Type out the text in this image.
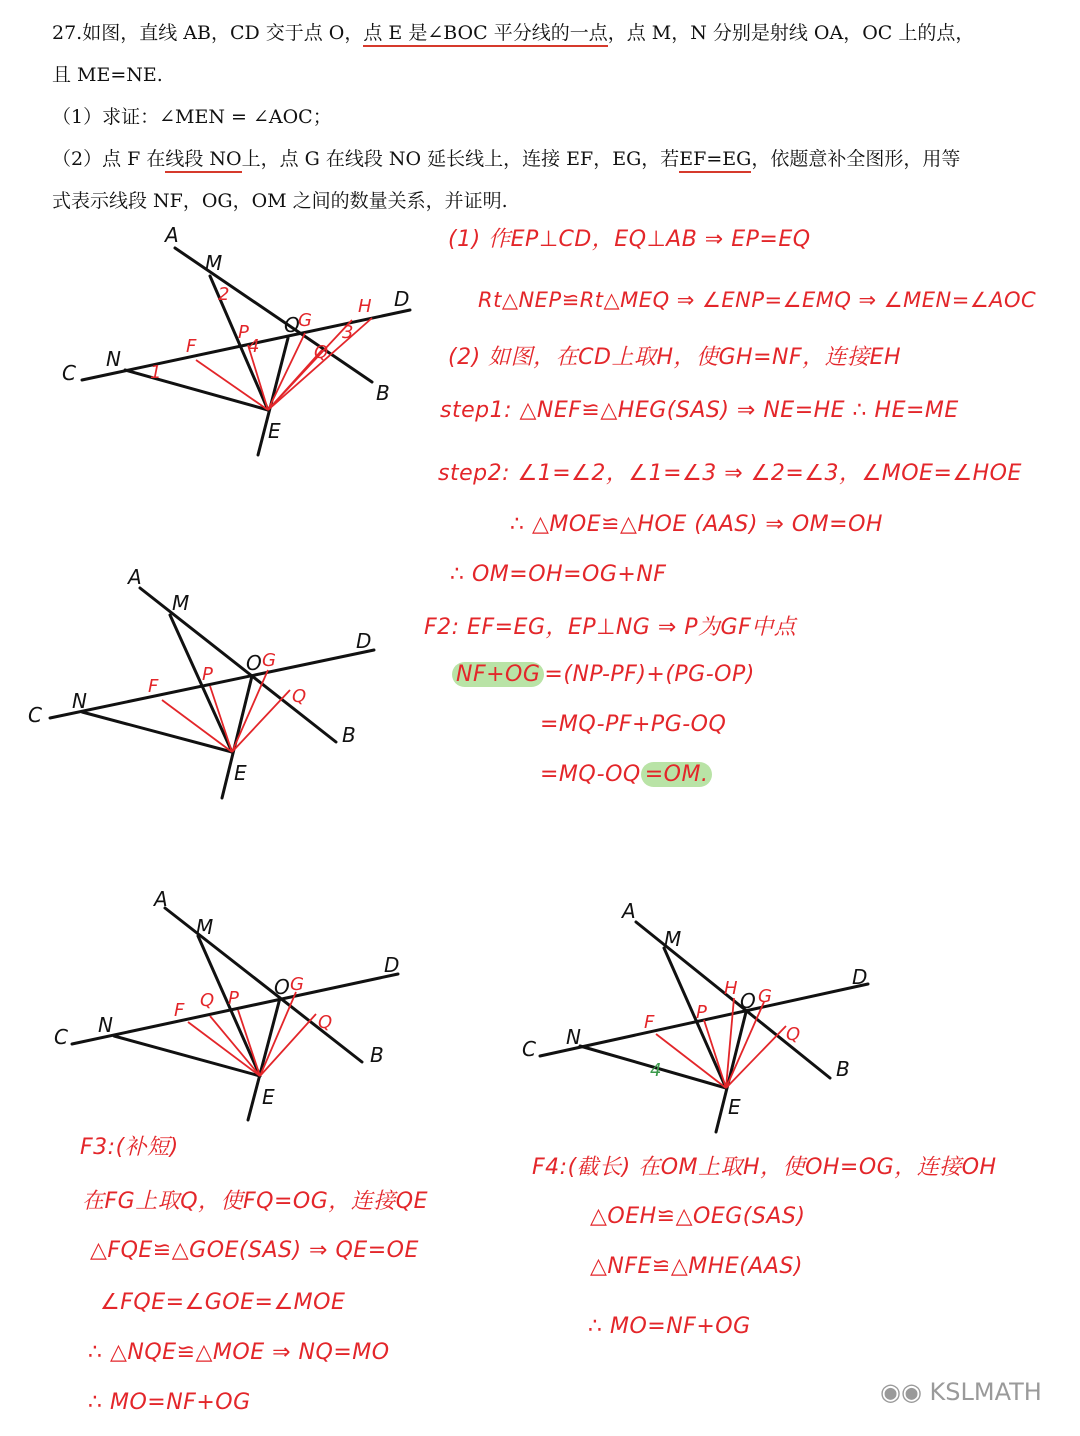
27.如图，直线 AB，CD 交于点 O，点 E 是∠BOC 平分线的一点，点 M，N 分别是射线 OA，OC 上的点，
且 ME=NE.
（1）求证：∠MEN = ∠AOC；
（2）点 F 在线段 NO上，点 G 在线段 NO 延长线上，连接 EF，EG，若EF=EG，依题意补全图形，用等
式表示线段 NF，OG，OM 之间的数量关系，并证明.
(1) 作EP⊥CD，EQ⊥AB ⇒ EP=EQ
Rt△NEP≌Rt△MEQ ⇒ ∠ENP=∠EMQ ⇒ ∠MEN=∠AOC
(2) 如图，在CD上取H，使GH=NF，连接EH
step1: △NEF≌△HEG(SAS) ⇒ NE=HE ∴ HE=ME
step2: ∠1=∠2，∠1=∠3 ⇒ ∠2=∠3，∠MOE=∠HOE
∴ △MOE≌△HOE (AAS) ⇒ OM=OH
∴ OM=OH=OG+NF
F2: EF=EG，EP⊥NG ⇒ P为GF中点
NF+OG =(NP-PF)+(PG-OP)
=MQ-PF+PG-OQ
=MQ-OQ =OM.
F3:(补短)
在FG上取Q，使FQ=OG，连接QE
△FQE≌△GOE(SAS) ⇒ QE=OE
∠FQE=∠GOE=∠MOE
∴ △NQE≌△MOE ⇒ NQ=MO
∴ MO=NF+OG
F4:(截长) 在OM上取H，使OH=OG，连接OH
△OEH≌△OEG(SAS)
△NFE≌△MHE(AAS)
∴ MO=NF+OG
A
M
2
P O
G
H D
C
N
1
F	4	Q
3
B
E
A
M
O G
D
C
N
F
P
Q
B
E
A
M
O G
D
C N
F Q P
Q
B
E
A
M
H
O G
D
C N
F P
Q
B
E
4
◉◉ KSLMATH
